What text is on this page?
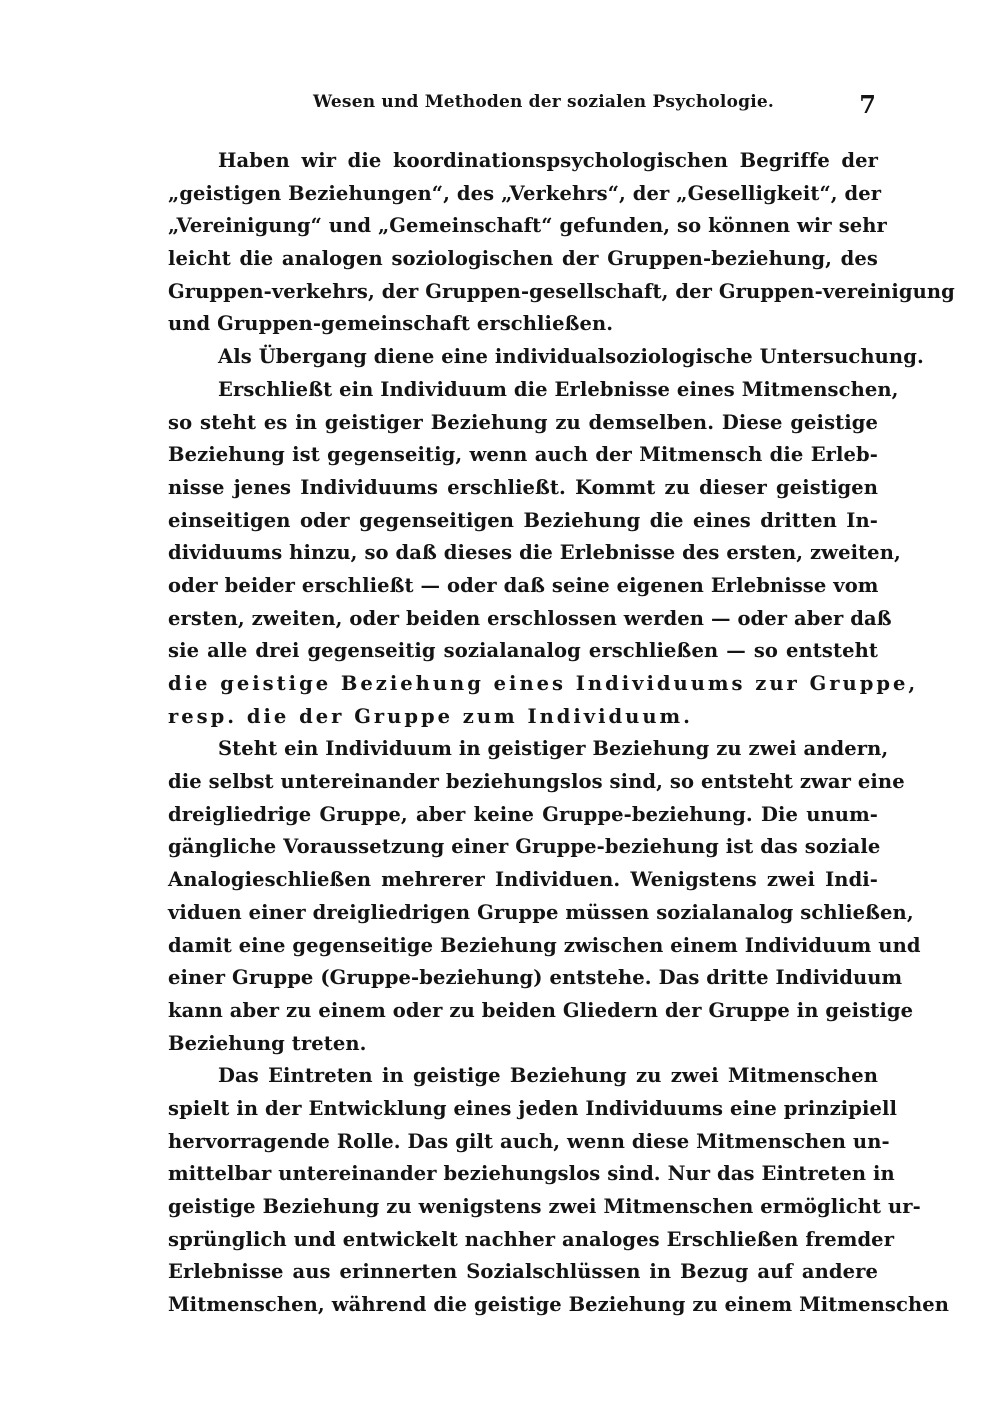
Wesen und Methoden der sozialen Psychologie.	7
Haben wir die koordinationspsychologischen Begriffe der
„geistigen Beziehungen“, des „Verkehrs“, der „Geselligkeit“, der
„Vereinigung“ und „Gemeinschaft“ gefunden, so können wir sehr
leicht die analogen soziologischen der Gruppen-beziehung, des
Gruppen-verkehrs, der Gruppen-gesellschaft, der Gruppen-vereinigung
und Gruppen-gemeinschaft erschließen.
Als Übergang diene eine individualsoziologische Untersuchung.
Erschließt ein Individuum die Erlebnisse eines Mitmenschen,
so steht es in geistiger Beziehung zu demselben. Diese geistige
Beziehung ist gegenseitig, wenn auch der Mitmensch die Erleb-
nisse jenes Individuums erschließt. Kommt zu dieser geistigen
einseitigen oder gegenseitigen Beziehung die eines dritten In-
dividuums hinzu, so daß dieses die Erlebnisse des ersten, zweiten,
oder beider erschließt — oder daß seine eigenen Erlebnisse vom
ersten, zweiten, oder beiden erschlossen werden — oder aber daß
sie alle drei gegenseitig sozialanalog erschließen — so entsteht
die geistige Beziehung eines Individuums zur Gruppe,
resp. die der Gruppe zum Individuum.
Steht ein Individuum in geistiger Beziehung zu zwei andern,
die selbst untereinander beziehungslos sind, so entsteht zwar eine
dreigliedrige Gruppe, aber keine Gruppe-beziehung. Die unum-
gängliche Voraussetzung einer Gruppe-beziehung ist das soziale
Analogieschließen mehrerer Individuen. Wenigstens zwei Indi-
viduen einer dreigliedrigen Gruppe müssen sozialanalog schließen,
damit eine gegenseitige Beziehung zwischen einem Individuum und
einer Gruppe (Gruppe-beziehung) entstehe. Das dritte Individuum
kann aber zu einem oder zu beiden Gliedern der Gruppe in geistige
Beziehung treten.
Das Eintreten in geistige Beziehung zu zwei Mitmenschen
spielt in der Entwicklung eines jeden Individuums eine prinzipiell
hervorragende Rolle. Das gilt auch, wenn diese Mitmenschen un-
mittelbar untereinander beziehungslos sind. Nur das Eintreten in
geistige Beziehung zu wenigstens zwei Mitmenschen ermöglicht ur-
sprünglich und entwickelt nachher analoges Erschließen fremder
Erlebnisse aus erinnerten Sozialschlüssen in Bezug auf andere
Mitmenschen, während die geistige Beziehung zu einem Mitmenschen
